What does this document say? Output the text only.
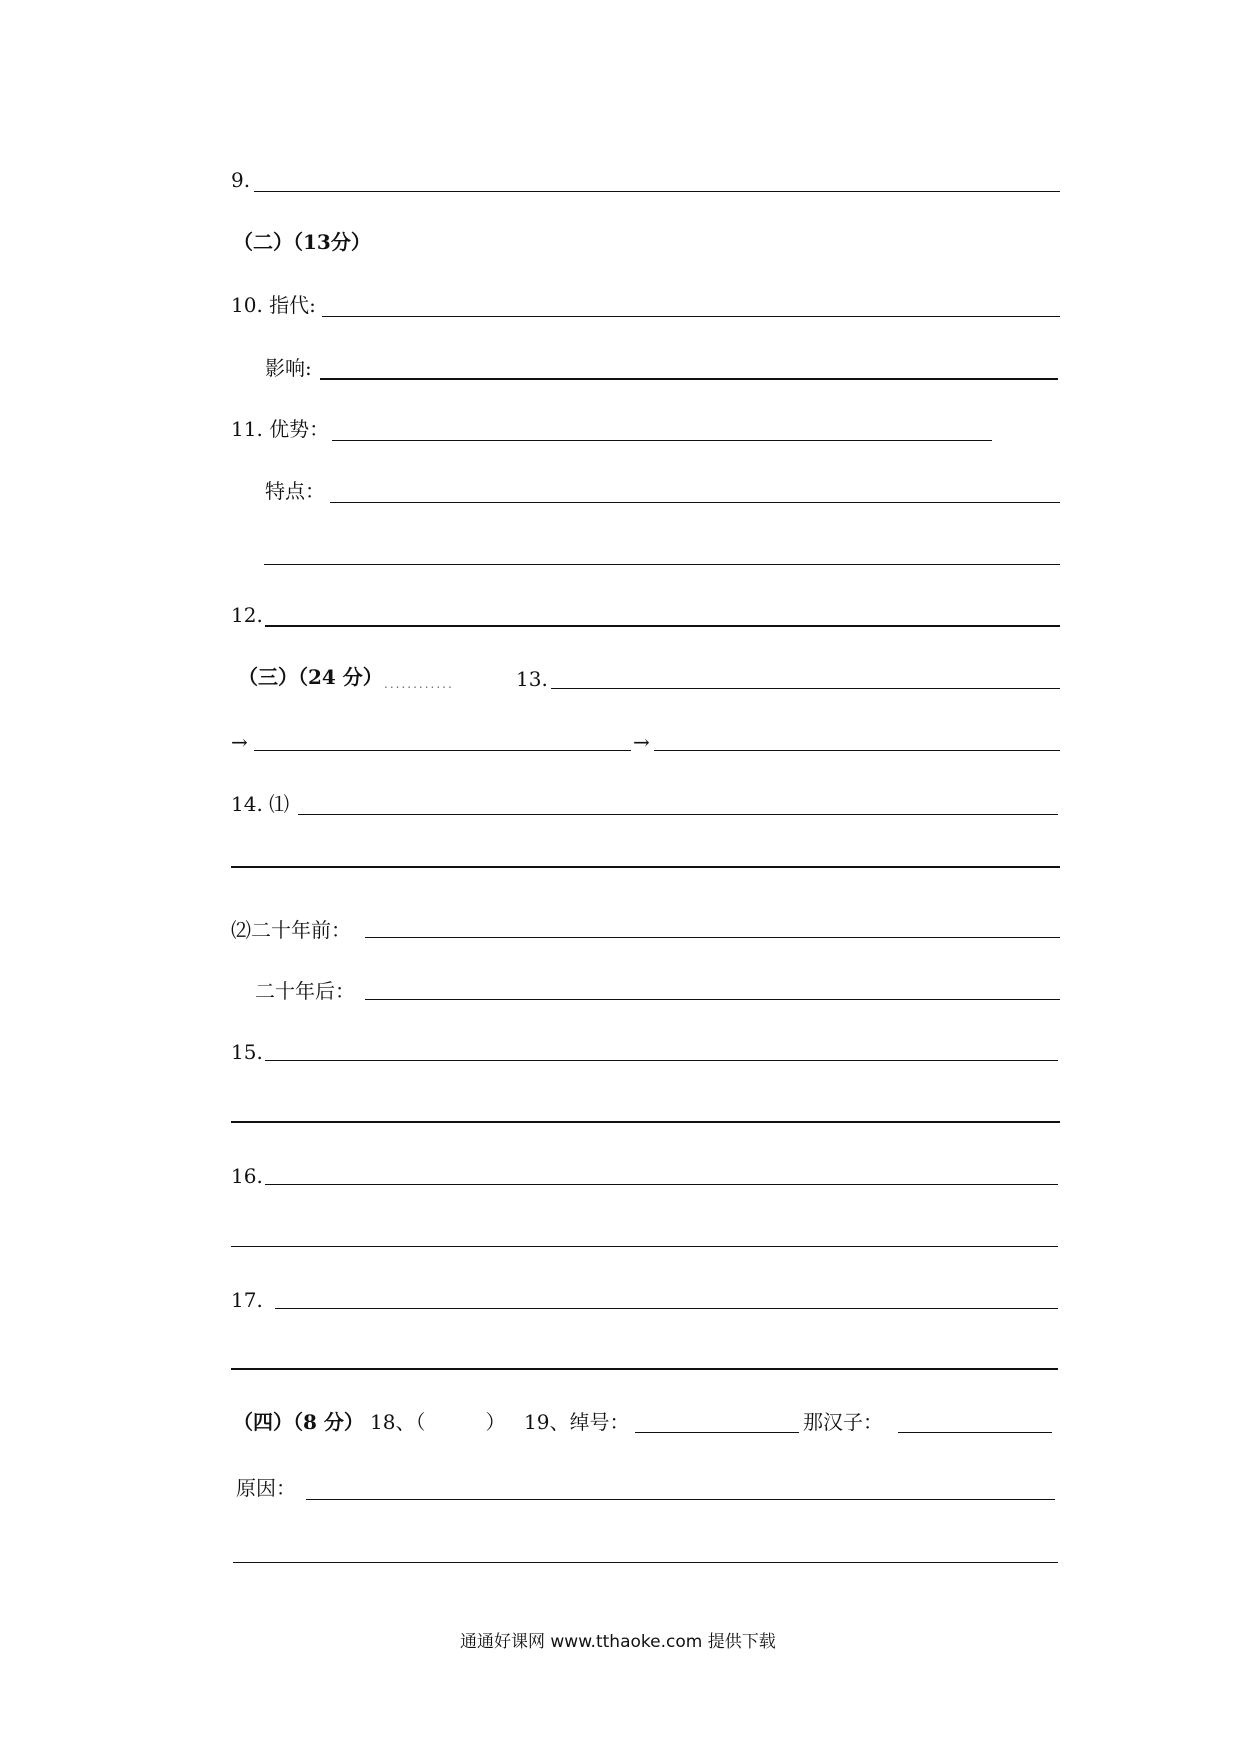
9.
（二）（13分）
10. 指代:
影响:
11. 优势：
特点：
12.
（三）（24 分） ............	13.
→	→
14. ⑴
⑵二十年前：
二十年后：
15.
16.
17.
（四）（8 分） 18、（　　　） 19、绰号：	那汉子：
原因：
通通好课网 www.tthaoke.com 提供下载
